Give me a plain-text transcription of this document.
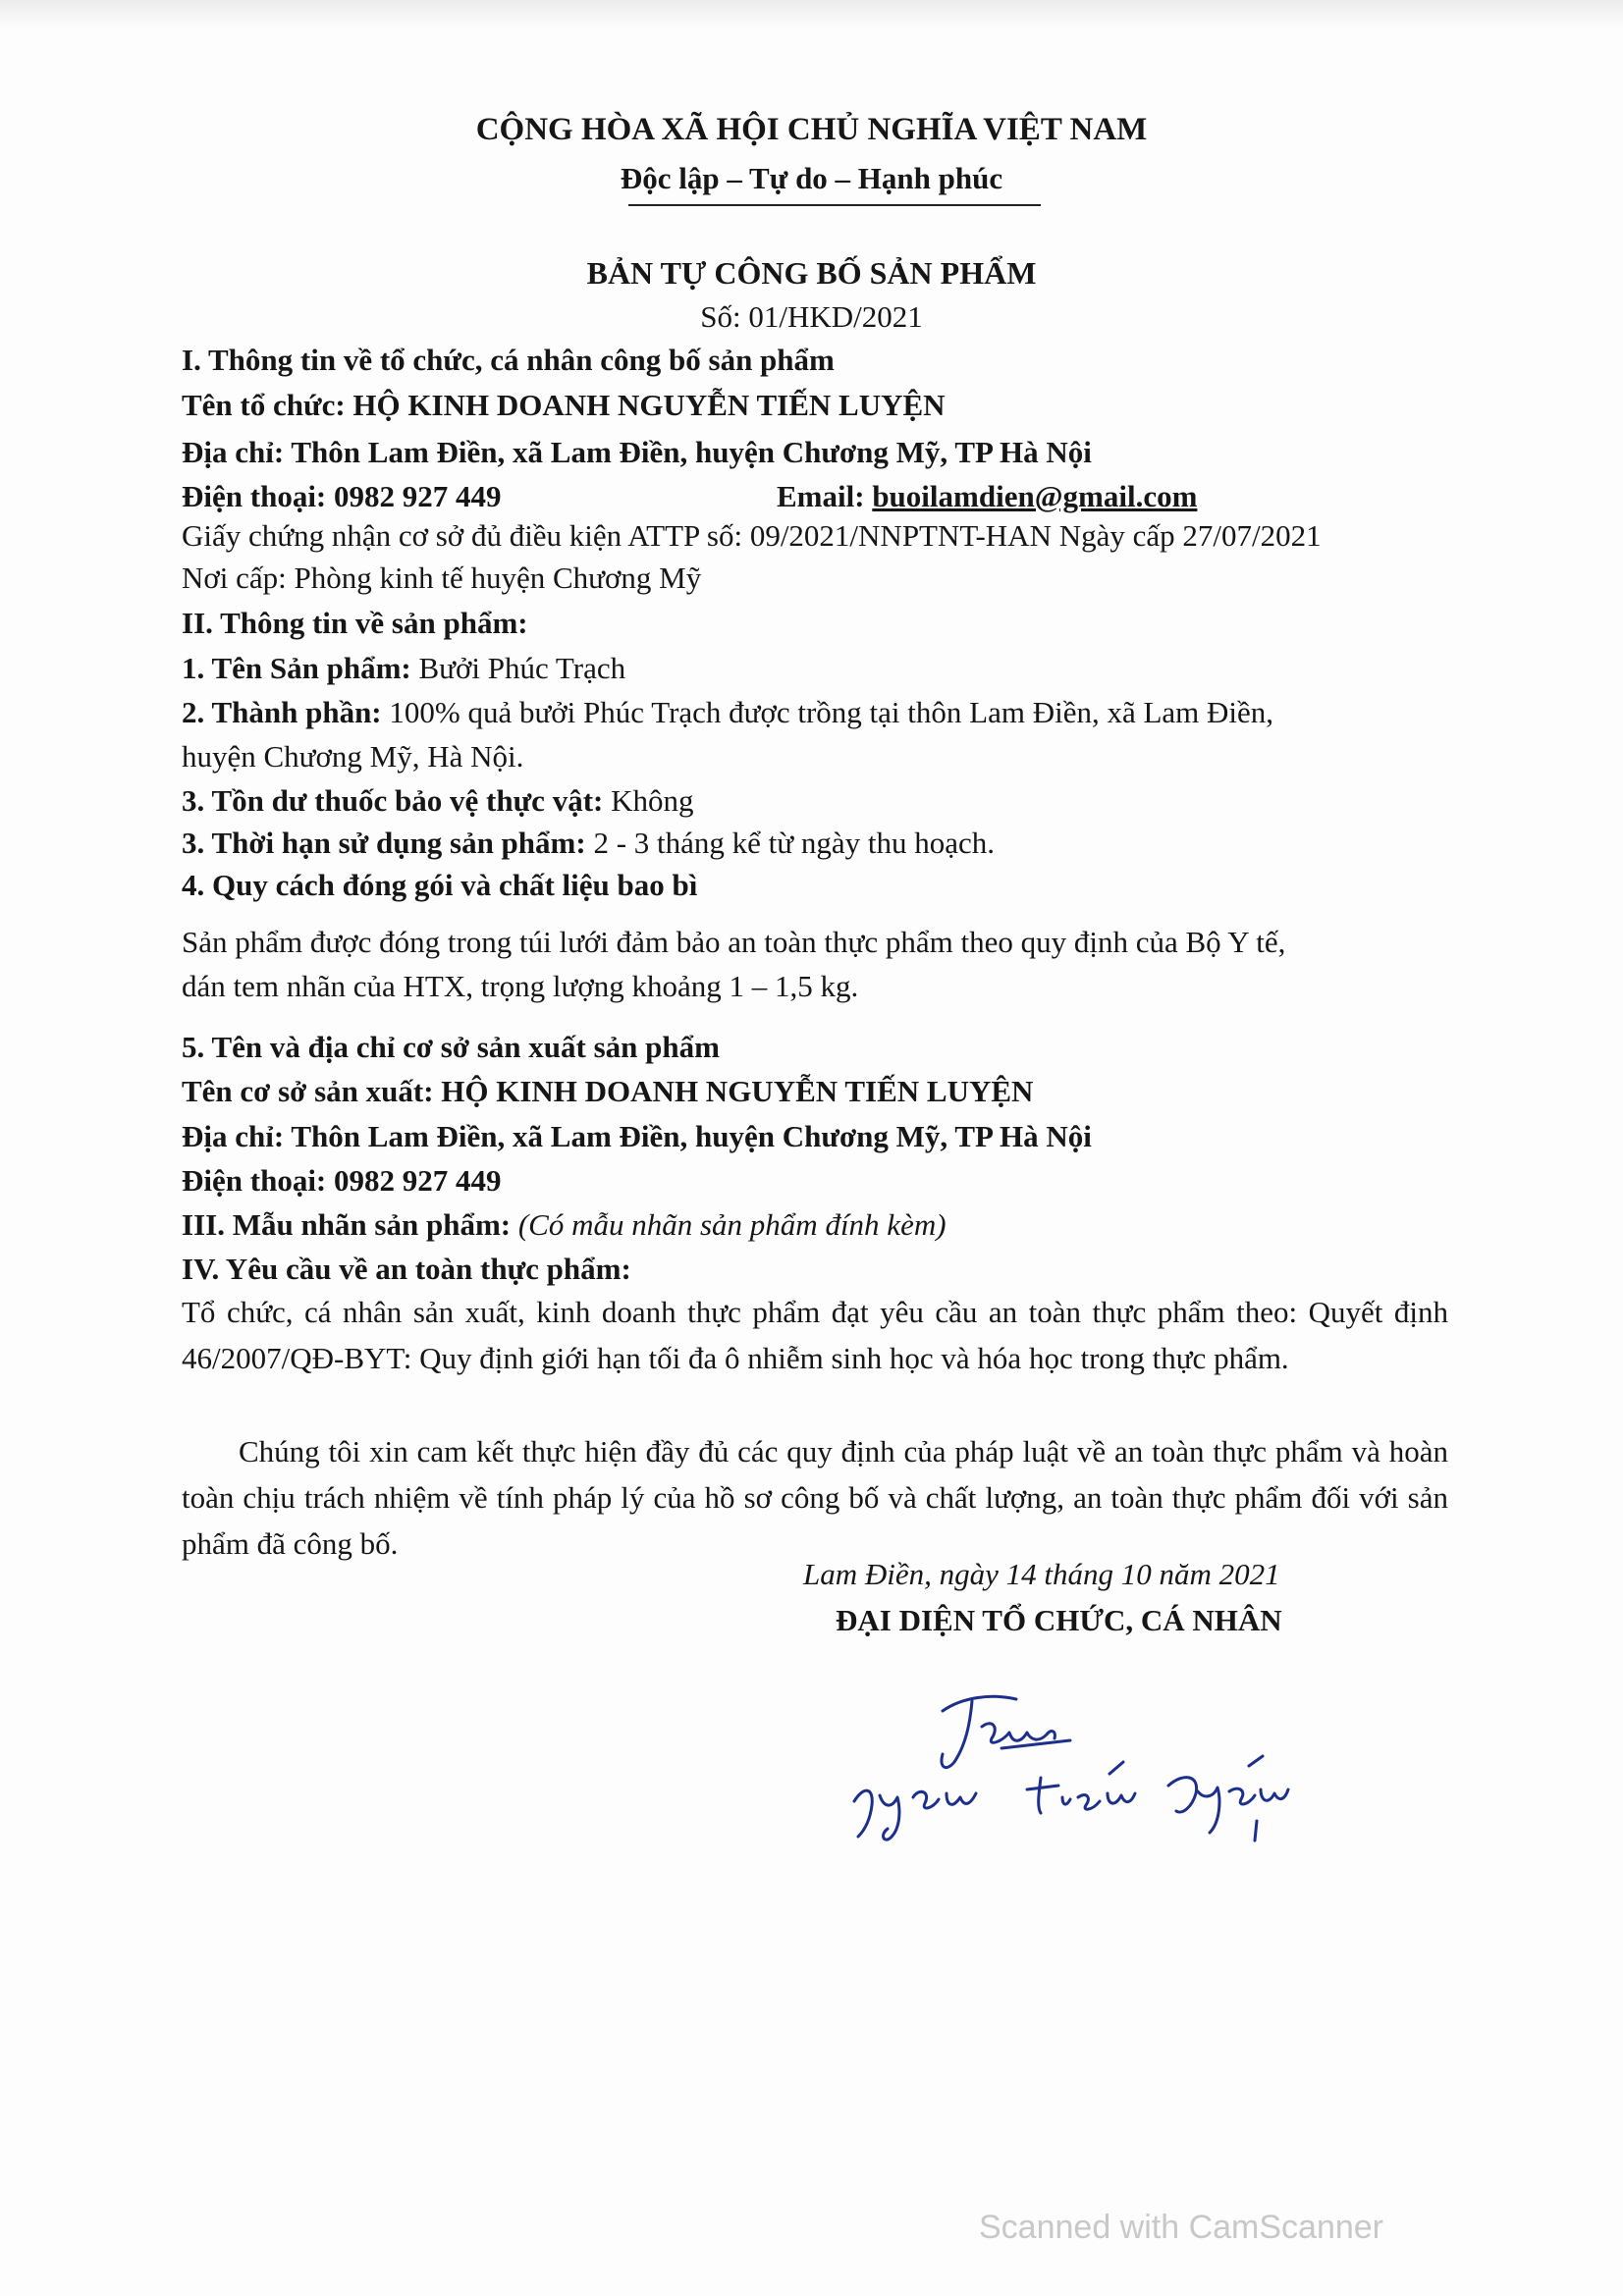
CỘNG HÒA XÃ HỘI CHỦ NGHĨA VIỆT NAM
Độc lập – Tự do – Hạnh phúc
BẢN TỰ CÔNG BỐ SẢN PHẨM
Số: 01/HKD/2021
I. Thông tin về tổ chức, cá nhân công bố sản phẩm
Tên tổ chức: HỘ KINH DOANH NGUYỄN TIẾN LUYỆN
Địa chỉ: Thôn Lam Điền, xã Lam Điền, huyện Chương Mỹ, TP Hà Nội
Điện thoại: 0982 927 449	Email: buoilamdien@gmail.com
Giấy chứng nhận cơ sở đủ điều kiện ATTP số: 09/2021/NNPTNT-HAN Ngày cấp 27/07/2021
Nơi cấp: Phòng kinh tế huyện Chương Mỹ
II. Thông tin về sản phẩm:
1. Tên Sản phẩm: Bưởi Phúc Trạch
2. Thành phần: 100% quả bưởi Phúc Trạch được trồng tại thôn Lam Điền, xã Lam Điền,
huyện Chương Mỹ, Hà Nội.
3. Tồn dư thuốc bảo vệ thực vật: Không
3. Thời hạn sử dụng sản phẩm: 2 - 3 tháng kể từ ngày thu hoạch.
4. Quy cách đóng gói và chất liệu bao bì
Sản phẩm được đóng trong túi lưới đảm bảo an toàn thực phẩm theo quy định của Bộ Y tế,
dán tem nhãn của HTX, trọng lượng khoảng 1 – 1,5 kg.
5. Tên và địa chỉ cơ sở sản xuất sản phẩm
Tên cơ sở sản xuất: HỘ KINH DOANH NGUYỄN TIẾN LUYỆN
Địa chỉ: Thôn Lam Điền, xã Lam Điền, huyện Chương Mỹ, TP Hà Nội
Điện thoại: 0982 927 449
III. Mẫu nhãn sản phẩm: (Có mẫu nhãn sản phẩm đính kèm)
IV. Yêu cầu về an toàn thực phẩm:
Tổ chức, cá nhân sản xuất, kinh doanh thực phẩm đạt yêu cầu an toàn thực phẩm theo: Quyết định 46/2007/QĐ-BYT: Quy định giới hạn tối đa ô nhiễm sinh học và hóa học trong thực phẩm.
Chúng tôi xin cam kết thực hiện đầy đủ các quy định của pháp luật về an toàn thực phẩm và hoàn toàn chịu trách nhiệm về tính pháp lý của hồ sơ công bố và chất lượng, an toàn thực phẩm đối với sản phẩm đã công bố.
Lam Điền, ngày 14 tháng 10 năm 2021
ĐẠI DIỆN TỔ CHỨC, CÁ NHÂN
Scanned with CamScanner
